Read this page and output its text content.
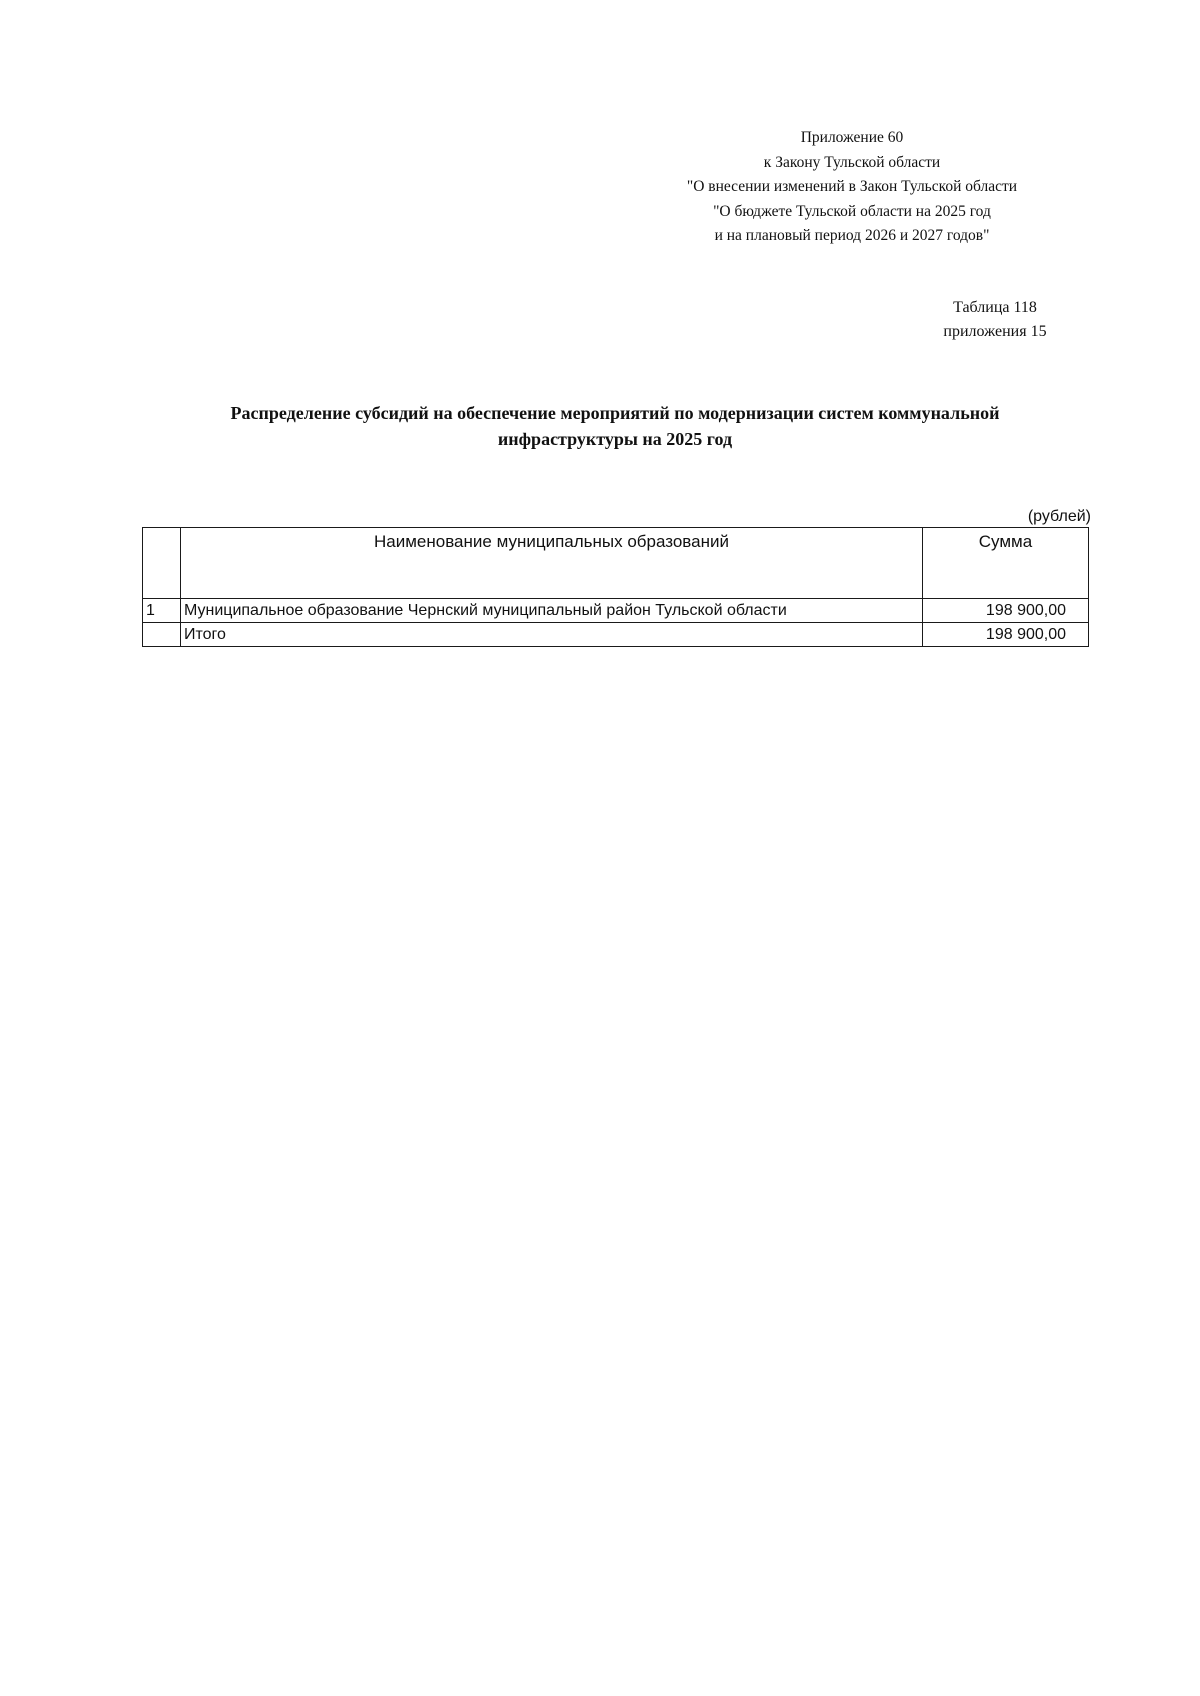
Приложение 60
к Закону Тульской области
"О внесении изменений в Закон Тульской области
"О бюджете Тульской области на 2025 год
и на плановый период 2026 и 2027 годов"
Таблица 118
приложения 15
Распределение субсидий на обеспечение мероприятий по модернизации систем коммунальной
инфраструктуры на 2025 год
(рублей)
	Наименование муниципальных образований	Сумма
1	Муниципальное образование Чернский муниципальный район Тульской области	198 900,00
	Итого	198 900,00
